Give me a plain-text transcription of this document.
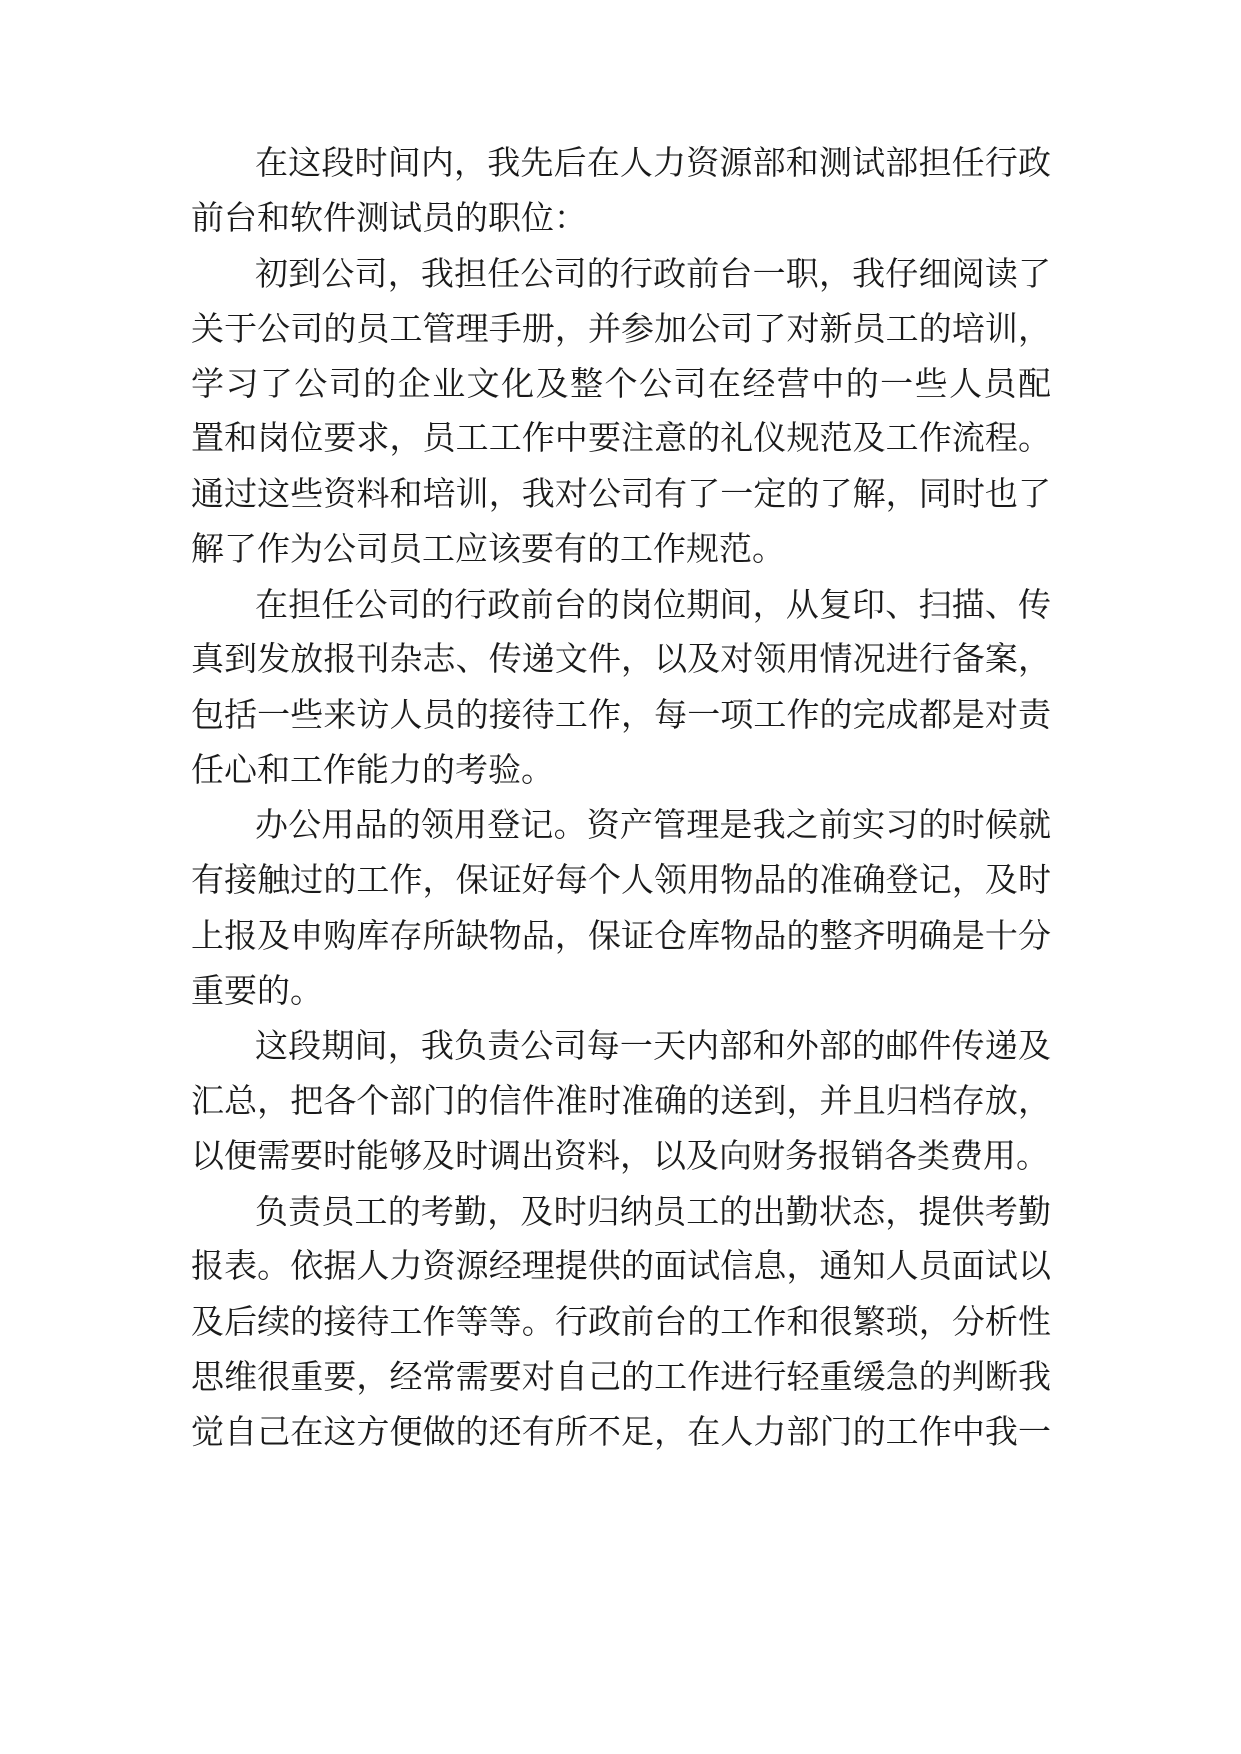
在这段时间内，我先后在人力资源部和测试部担任行政
前台和软件测试员的职位：
初到公司，我担任公司的行政前台一职，我仔细阅读了
关于公司的员工管理手册，并参加公司了对新员工的培训，
学习了公司的企业文化及整个公司在经营中的一些人员配
置和岗位要求，员工工作中要注意的礼仪规范及工作流程。
通过这些资料和培训，我对公司有了一定的了解，同时也了
解了作为公司员工应该要有的工作规范。
在担任公司的行政前台的岗位期间，从复印、扫描、传
真到发放报刊杂志、传递文件，以及对领用情况进行备案，
包括一些来访人员的接待工作，每一项工作的完成都是对责
任心和工作能力的考验。
办公用品的领用登记。资产管理是我之前实习的时候就
有接触过的工作，保证好每个人领用物品的准确登记，及时
上报及申购库存所缺物品，保证仓库物品的整齐明确是十分
重要的。
这段期间，我负责公司每一天内部和外部的邮件传递及
汇总，把各个部门的信件准时准确的送到，并且归档存放，
以便需要时能够及时调出资料，以及向财务报销各类费用。
负责员工的考勤，及时归纳员工的出勤状态，提供考勤
报表。依据人力资源经理提供的面试信息，通知人员面试以
及后续的接待工作等等。行政前台的工作和很繁琐，分析性
思维很重要，经常需要对自己的工作进行轻重缓急的判断我
觉自己在这方便做的还有所不足，在人力部门的工作中我一
